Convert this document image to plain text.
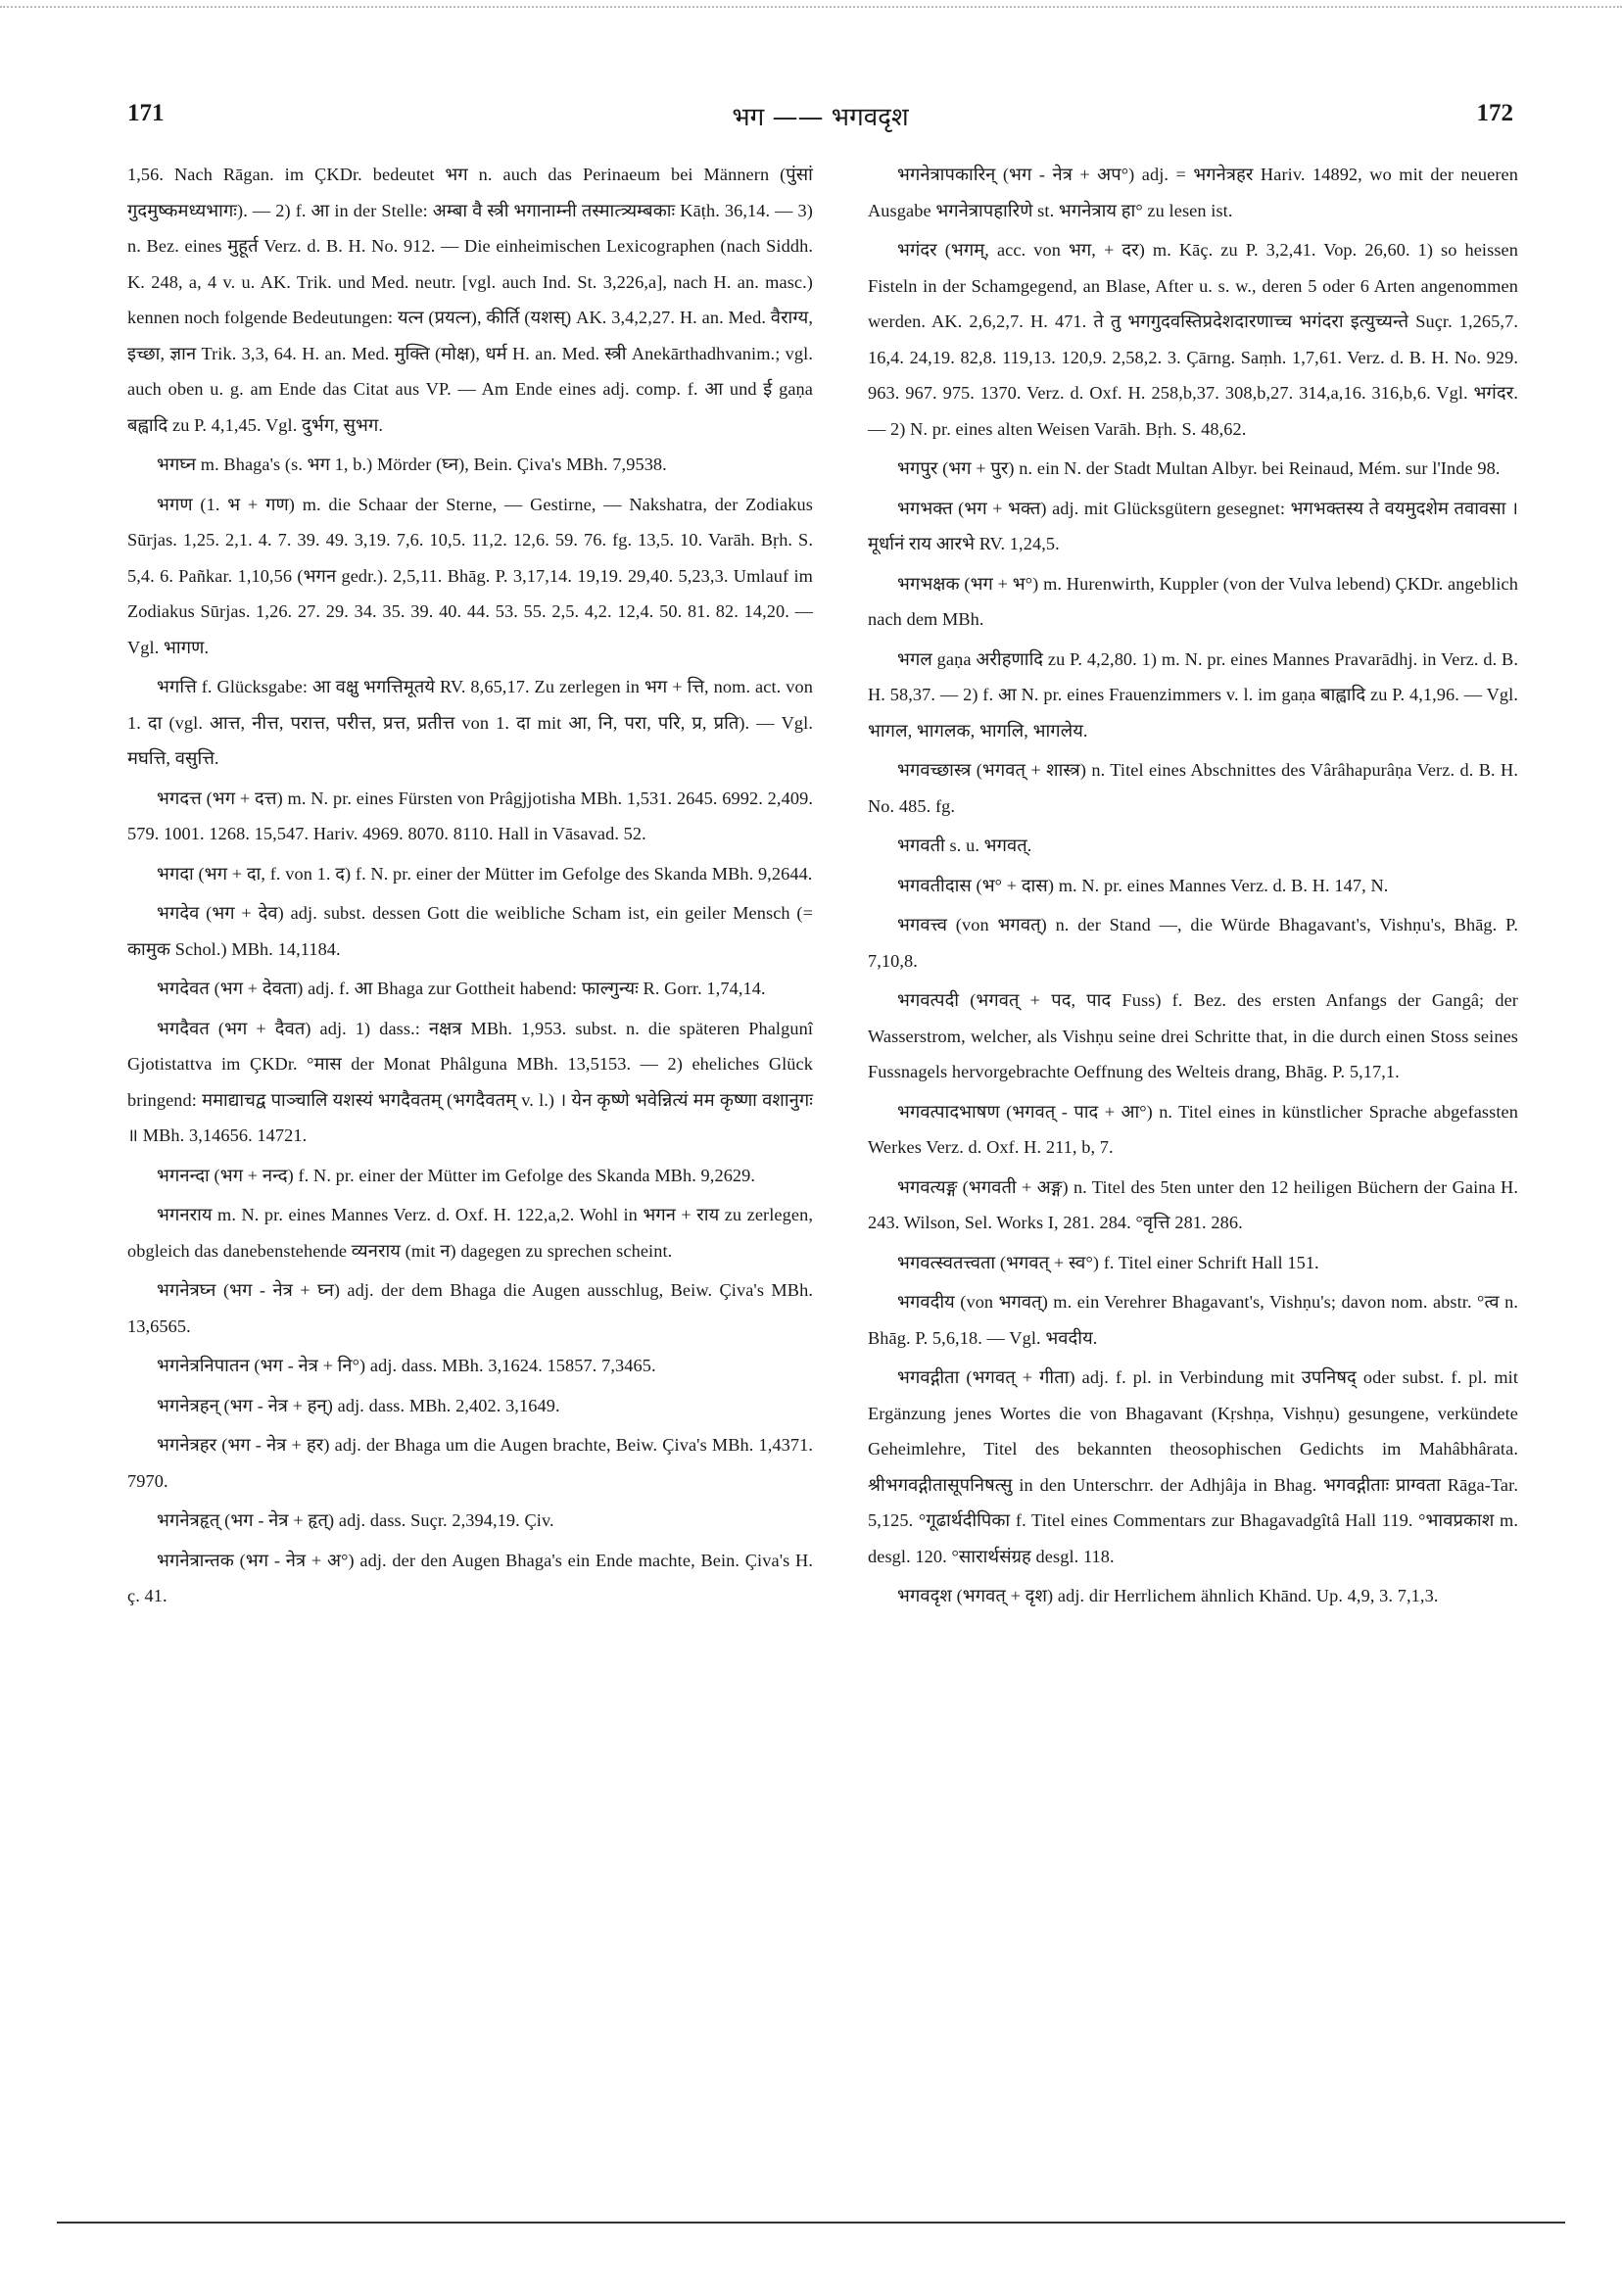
171	भग —— भगवदृश	172

1,56. Nach Rāgan. im ÇKDr. bedeutet भग n. auch das Perinaeum bei Männern (पुंसां गुदमुष्कमध्यभागः). — 2) f. आ in der Stelle: अम्बा वै स्त्री भगानाम्नी तस्मात्त्र्यम्बकाः Kāṭh. 36,14. — 3) n. Bez. eines मुहूर्त Verz. d. B. H. No. 912. — Die einheimischen Lexicographen (nach Siddh. K. 248, a, 4 v. u. AK. Trik. und Med. neutr. [vgl. auch Ind. St. 3,226,a], nach H. an. masc.) kennen noch folgende Bedeutungen: यत्न (प्रयत्न), कीर्ति (यशस्) AK. 3,4,2,27. H. an. Med. वैराग्य, इच्छा, ज्ञान Trik. 3,3, 64. H. an. Med. मुक्ति (मोक्ष), धर्म H. an. Med. स्त्री Anekārthadhvanim.; vgl. auch oben u. g. am Ende das Citat aus VP. — Am Ende eines adj. comp. f. आ und ई gaṇa बह्वादि zu P. 4,1,45. Vgl. दुर्भग, सुभग.

भगघ्न m. Bhaga's (s. भग 1, b.) Mörder (घ्न), Bein. Çiva's MBh. 7,9538.

भगण (1. भ + गण) m. die Schaar der Sterne, — Gestirne, — Nakshatra, der Zodiakus Sūrjas. 1,25. 2,1. 4. 7. 39. 49. 3,19. 7,6. 10,5. 11,2. 12,6. 59. 76. fg. 13,5. 10. Varāh. Bṛh. S. 5,4. 6. Pañkar. 1,10,56 (भगन gedr.). 2,5,11. Bhāg. P. 3,17,14. 19,19. 29,40. 5,23,3. Umlauf im Zodiakus Sūrjas. 1,26. 27. 29. 34. 35. 39. 40. 44. 53. 55. 2,5. 4,2. 12,4. 50. 81. 82. 14,20. — Vgl. भागण.

भगत्ति f. Glücksgabe: आ वक्षु भगत्तिमूतये RV. 8,65,17. Zu zerlegen in भग + त्ति, nom. act. von 1. दा (vgl. आत्त, नीत्त, परात्त, परीत्त, प्रत्त, प्रतीत्त von 1. दा mit आ, नि, परा, परि, प्र, प्रति). — Vgl. मघत्ति, वसुत्ति.

भगदत्त (भग + दत्त) m. N. pr. eines Fürsten von Prâgjjotisha MBh. 1,531. 2645. 6992. 2,409. 579. 1001. 1268. 15,547. Hariv. 4969. 8070. 8110. Hall in Vāsavad. 52.

भगदा (भग + दा, f. von 1. द) f. N. pr. einer der Mütter im Gefolge des Skanda MBh. 9,2644.

भगदेव (भग + देव) adj. subst. dessen Gott die weibliche Scham ist, ein geiler Mensch (= कामुक Schol.) MBh. 14,1184.

भगदेवत (भग + देवता) adj. f. आ Bhaga zur Gottheit habend: फाल्गुन्यः R. Gorr. 1,74,14.

भगदैवत (भग + दैवत) adj. 1) dass.: नक्षत्र MBh. 1,953. subst. n. die späteren Phalgunî Gjotistattva im ÇKDr. °मास der Monat Phâlguna MBh. 13,5153. — 2) eheliches Glück bringend: ममाद्याचद्व पाञ्चालि यशस्यं भगदैवतम् (भगदैवतम् v. l.) । येन कृष्णे भवेन्नित्यं मम कृष्णा वशानुगः ॥ MBh. 3,14656. 14721.

भगनन्दा (भग + नन्द) f. N. pr. einer der Mütter im Gefolge des Skanda MBh. 9,2629.

भगनराय m. N. pr. eines Mannes Verz. d. Oxf. H. 122,a,2. Wohl in भगन + राय zu zerlegen, obgleich das danebenstehende व्यनराय (mit न) dagegen zu sprechen scheint.

भगनेत्रघ्न (भग - नेत्र + घ्न) adj. der dem Bhaga die Augen ausschlug, Beiw. Çiva's MBh. 13,6565.

भगनेत्रनिपातन (भग - नेत्र + नि°) adj. dass. MBh. 3,1624. 15857. 7,3465.

भगनेत्रहन् (भग - नेत्र + हन्) adj. dass. MBh. 2,402. 3,1649.

भगनेत्रहर (भग - नेत्र + हर) adj. der Bhaga um die Augen brachte, Beiw. Çiva's MBh. 1,4371. 7970.

भगनेत्रहृत् (भग - नेत्र + हृत्) adj. dass. Suçr. 2,394,19. Çiv.

भगनेत्रान्तक (भग - नेत्र + अ°) adj. der den Augen Bhaga's ein Ende machte, Bein. Çiva's H. ç. 41.

भगनेत्रापकारिन् (भग - नेत्र + अप°) adj. = भगनेत्रहर Hariv. 14892, wo mit der neueren Ausgabe भगनेत्रापहारिणे st. भगनेत्राय हा° zu lesen ist.

भगंदर (भगम्, acc. von भग, + दर) m. Kāç. zu P. 3,2,41. Vop. 26,60. 1) so heissen Fisteln in der Schamgegend, an Blase, After u. s. w., deren 5 oder 6 Arten angenommen werden. AK. 2,6,2,7. H. 471. ते तु भगगुदवस्तिप्रदेशदारणाच्च भगंदरा इत्युच्यन्ते Suçr. 1,265,7. 16,4. 24,19. 82,8. 119,13. 120,9. 2,58,2. 3. Çārng. Saṃh. 1,7,61. Verz. d. B. H. No. 929. 963. 967. 975. 1370. Verz. d. Oxf. H. 258,b,37. 308,b,27. 314,a,16. 316,b,6. Vgl. भगंदर. — 2) N. pr. eines alten Weisen Varāh. Bṛh. S. 48,62.

भगपुर (भग + पुर) n. ein N. der Stadt Multan Albyr. bei Reinaud, Mém. sur l'Inde 98.

भगभक्त (भग + भक्त) adj. mit Glücksgütern gesegnet: भगभक्तस्य ते वयमुदशेम तवावसा । मूर्धानं राय आरभे RV. 1,24,5.

भगभक्षक (भग + भ°) m. Hurenwirth, Kuppler (von der Vulva lebend) ÇKDr. angeblich nach dem MBh.

भगल gaṇa अरीहणादि zu P. 4,2,80. 1) m. N. pr. eines Mannes Pravarādhj. in Verz. d. B. H. 58,37. — 2) f. आ N. pr. eines Frauenzimmers v. l. im gaṇa बाह्वादि zu P. 4,1,96. — Vgl. भागल, भागलक, भागलि, भागलेय.

भगवच्छास्त्र (भगवत् + शास्त्र) n. Titel eines Abschnittes des Vârâhapurâṇa Verz. d. B. H. No. 485. fg.

भगवती s. u. भगवत्.

भगवतीदास (भ° + दास) m. N. pr. eines Mannes Verz. d. B. H. 147, N.

भगवत्त्व (von भगवत्) n. der Stand —, die Würde Bhagavant's, Vishṇu's, Bhāg. P. 7,10,8.

भगवत्पदी (भगवत् + पद, पाद Fuss) f. Bez. des ersten Anfangs der Gangâ; der Wasserstrom, welcher, als Vishṇu seine drei Schritte that, in die durch einen Stoss seines Fussnagels hervorgebrachte Oeffnung des Welteis drang, Bhāg. P. 5,17,1.

भगवत्पादभाषण (भगवत् - पाद + आ°) n. Titel eines in künstlicher Sprache abgefassten Werkes Verz. d. Oxf. H. 211, b, 7.

भगवत्यङ्ग (भगवती + अङ्ग) n. Titel des 5ten unter den 12 heiligen Büchern der Gaina H. 243. Wilson, Sel. Works I, 281. 284. °वृत्ति 281. 286.

भगवत्स्वतत्त्वता (भगवत् + स्व°) f. Titel einer Schrift Hall 151.

भगवदीय (von भगवत्) m. ein Verehrer Bhagavant's, Vishṇu's; davon nom. abstr. °त्व n. Bhāg. P. 5,6,18. — Vgl. भवदीय.

भगवद्गीता (भगवत् + गीता) adj. f. pl. in Verbindung mit उपनिषद् oder subst. f. pl. mit Ergänzung jenes Wortes die von Bhagavant (Kṛshṇa, Vishṇu) gesungene, verkündete Geheimlehre, Titel des bekannten theosophischen Gedichts im Mahâbhârata. श्रीभगवद्गीतासूपनिषत्सु in den Unterschrr. der Adhjâja in Bhag. भगवद्गीताः प्राग्वता Rāga-Tar. 5,125. °गूढार्थदीपिका f. Titel eines Commentars zur Bhagavadgîtâ Hall 119. °भावप्रकाश m. desgl. 120. °सारार्थसंग्रह desgl. 118.

भगवदृश (भगवत् + दृश) adj. dir Herrlichem ähnlich Khānd. Up. 4,9, 3. 7,1,3.
